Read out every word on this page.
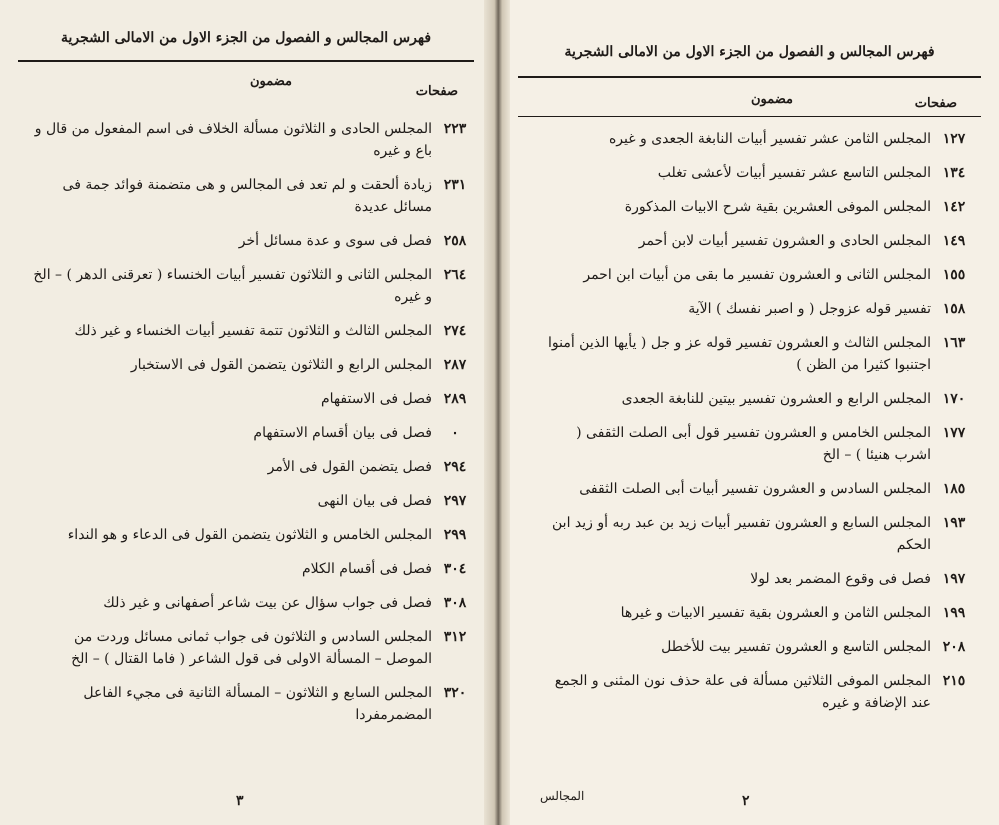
فهرس المجالس و الفصول من الجزء الاول من الامالى الشجرية
صفحات
مضمون
٢٢٣
المجلس الحادى و الثلاثون مسألة الخلاف فى اسم المفعول من قال و باع و غيره
٢٣١
زيادة ألحقت و لم تعد فى المجالس و هى متضمنة فوائد جمة فى مسائل عديدة
٢٥٨
فصل فى سوى و عدة مسائل أخر
٢٦٤
المجلس الثانى و الثلاثون تفسير أبيات الخنساء ( تعرقنى الدهر ) – الخ و غيره
٢٧٤
المجلس الثالث و الثلاثون تتمة تفسير أبيات الخنساء و غير ذلك
٢٨٧
المجلس الرابع و الثلاثون يتضمن القول فى الاستخبار
٢٨٩
فصل فى الاستفهام
٠
فصل فى بيان أقسام الاستفهام
٢٩٤
فصل يتضمن القول فى الأمر
٢٩٧
فصل فى بيان النهى
٢٩٩
المجلس الخامس و الثلاثون يتضمن القول فى الدعاء و هو النداء
٣٠٤
فصل فى أقسام الكلام
٣٠٨
فصل فى جواب سؤال عن بيت شاعر أصفهانى و غير ذلك
٣١٢
المجلس السادس و الثلاثون فى جواب ثمانى مسائل وردت من الموصل – المسألة الاولى فى قول الشاعر ( فاما القتال ) – الخ
٣٢٠
المجلس السابع و الثلاثون – المسألة الثانية فى مجيء الفاعل المضمرمفردا
٣
فهرس المجالس و الفصول من الجزء الاول من الامالى الشجرية
صفحات
مضمون
١٢٧
المجلس الثامن عشر تفسير أبيات النابغة الجعدى و غيره
١٣٤
المجلس التاسع عشر تفسير أبيات لأعشى تغلب
١٤٢
المجلس الموفى العشرين بقية شرح الابيات المذكورة
١٤٩
المجلس الحادى و العشرون تفسير أبيات لابن أحمر
١٥٥
المجلس الثانى و العشرون تفسير ما بقى من أبيات ابن احمر
١٥٨
تفسير قوله عزوجل ( و اصبر نفسك ) الآية
١٦٣
المجلس الثالث و العشرون تفسير قوله عز و جل ( يأيها الذين أمنوا اجتنبوا كثيرا من الظن )
١٧٠
المجلس الرابع و العشرون تفسير بيتين للنابغة الجعدى
١٧٧
المجلس الخامس و العشرون تفسير قول أبى الصلت الثقفى ( اشرب هنيئا ) – الخ
١٨٥
المجلس السادس و العشرون تفسير أبيات أبى الصلت الثقفى
١٩٣
المجلس السابع و العشرون تفسير أبيات زيد بن عبد ربه أو زيد ابن الحكم
١٩٧
فصل فى وقوع المضمر بعد لولا
١٩٩
المجلس الثامن و العشرون بقية تفسير الابيات و غيرها
٢٠٨
المجلس التاسع و العشرون تفسير بيت للأخطل
٢١٥
المجلس الموفى الثلاثين مسألة فى علة حذف نون المثنى و الجمع عند الإضافة و غيره
٢
المجالس
